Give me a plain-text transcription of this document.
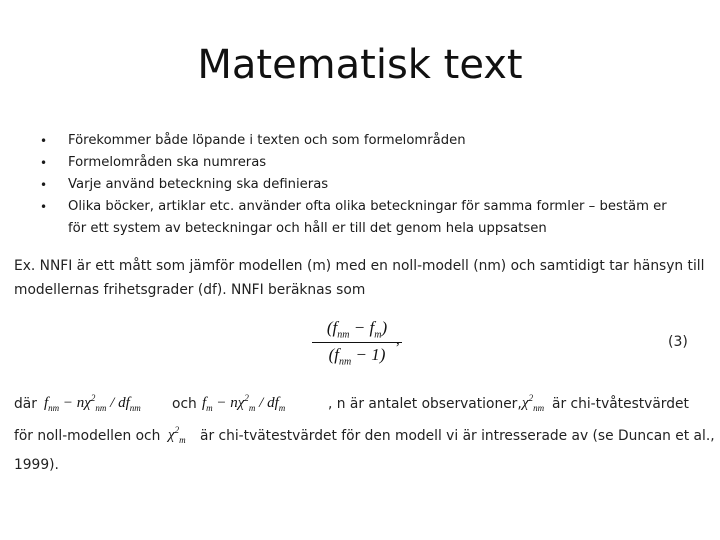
Matematisk text
• Förekommer både löpande i texten och som formelområden
• Formelområden ska numreras
• Varje använd beteckning ska definieras
• Olika böcker, artiklar etc. använder ofta olika beteckningar för samma formler – bestäm er för ett system av beteckningar och håll er till det genom hela uppsatsen
Ex. NNFI är ett mått som jämför modellen (m) med en noll-modell (nm) och samtidigt tar hänsyn till
modellernas frihetsgrader (df). NNFI beräknas som
$(f_{nm} - f_m)$
$(f_{nm} - 1)$
,	(3)
där $f_{nm} - n\chi^2_{nm} / df_{nm}$ och $f_m - n\chi^2_m / df_m$	, n är antalet observationer, $\chi^2_{nm}$ är chi-tvåtestvärdet
för noll-modellen och $\chi^2_m$ är chi-tvätestvärdet för den modell vi är intresserade av (se Duncan et al.,
1999).
